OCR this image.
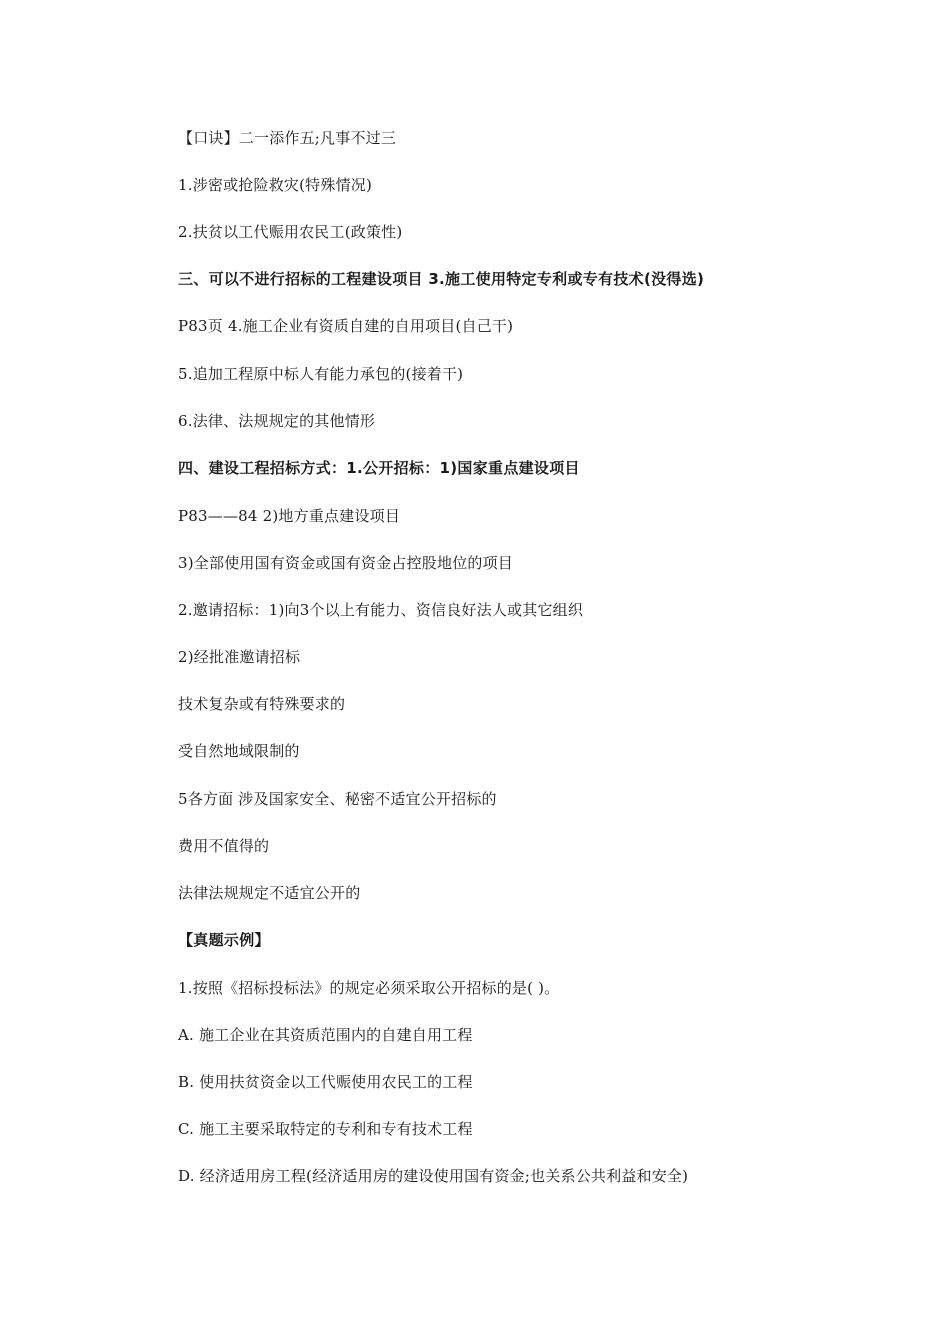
【口诀】二一添作五;凡事不过三
1.涉密或抢险救灾(特殊情况)
2.扶贫以工代赈用农民工(政策性)
三、可以不进行招标的工程建设项目 3.施工使用特定专利或专有技术(没得选)
P83页 4.施工企业有资质自建的自用项目(自己干)
5.追加工程原中标人有能力承包的(接着干)
6.法律、法规规定的其他情形
四、建设工程招标方式：1.公开招标：1)国家重点建设项目
P83——84 2)地方重点建设项目
3)全部使用国有资金或国有资金占控股地位的项目
2.邀请招标：1)向3个以上有能力、资信良好法人或其它组织
2)经批准邀请招标
技术复杂或有特殊要求的
受自然地域限制的
5各方面 涉及国家安全、秘密不适宜公开招标的
费用不值得的
法律法规规定不适宜公开的
【真题示例】
1.按照《招标投标法》的规定必须采取公开招标的是( )。
A. 施工企业在其资质范围内的自建自用工程
B. 使用扶贫资金以工代赈使用农民工的工程
C. 施工主要采取特定的专利和专有技术工程
D. 经济适用房工程(经济适用房的建设使用国有资金;也关系公共利益和安全)
